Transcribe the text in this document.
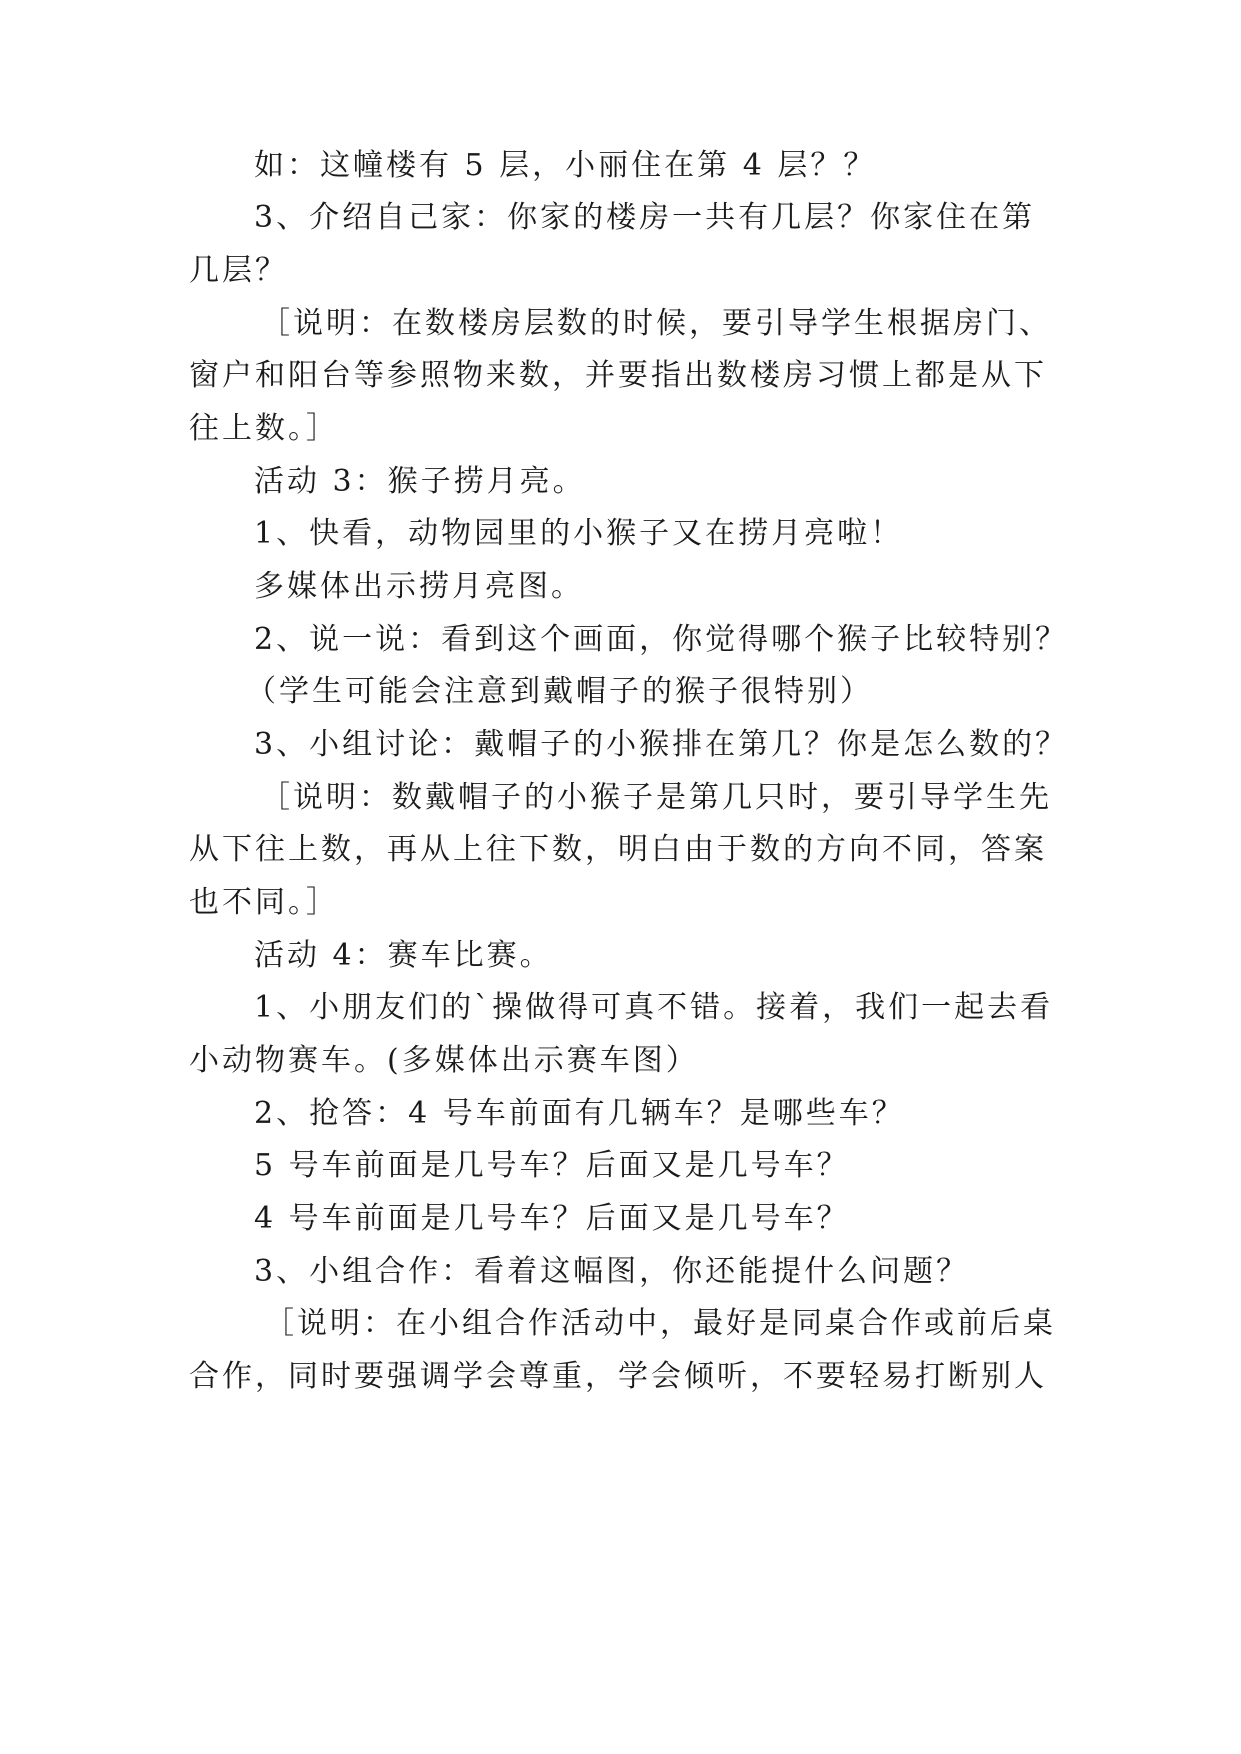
如：这幢楼有 5 层，小丽住在第 4 层？？
3、介绍自己家：你家的楼房一共有几层？你家住在第
几层？
［说明：在数楼房层数的时候，要引导学生根据房门、
窗户和阳台等参照物来数，并要指出数楼房习惯上都是从下
往上数。］
活动 3：猴子捞月亮。
1、快看，动物园里的小猴子又在捞月亮啦！
多媒体出示捞月亮图。
2、说一说：看到这个画面，你觉得哪个猴子比较特别？
（学生可能会注意到戴帽子的猴子很特别）
3、小组讨论：戴帽子的小猴排在第几？你是怎么数的？
［说明：数戴帽子的小猴子是第几只时，要引导学生先
从下往上数，再从上往下数，明白由于数的方向不同，答案
也不同。］
活动 4：赛车比赛。
1、小朋友们的`操做得可真不错。接着，我们一起去看
小动物赛车。(多媒体出示赛车图）
2、抢答：4 号车前面有几辆车？是哪些车？
5 号车前面是几号车？后面又是几号车？
4 号车前面是几号车？后面又是几号车？
3、小组合作：看着这幅图，你还能提什么问题？
［说明：在小组合作活动中，最好是同桌合作或前后桌
合作，同时要强调学会尊重，学会倾听，不要轻易打断别人
